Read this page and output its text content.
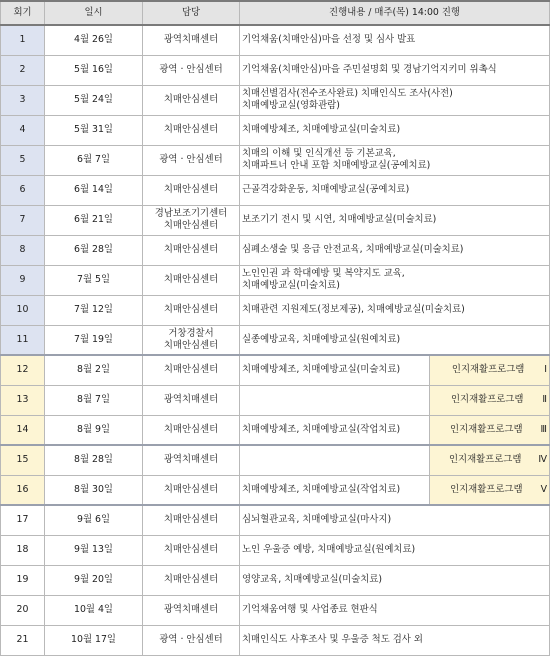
회기	일시	담당	진행내용 / 매주(목) 14:00 진행	
1	4월 26일	광역치매센터	기억채움(치매안심)마을 선정 및 심사 발표	

2	5월 16일	광역 · 안심센터	기억채움(치매안심)마을 주민설명회 및 경남기억지키미 위촉식	

3	5월 24일	치매안심센터	치매선별검사(전수조사완료) 치매인식도 조사(사전)
치매예방교실(영화관람)	

4	5월 31일	치매안심센터	치매예방체조, 치매예방교실(미술치료)	

5	6월 7일	광역 · 안심센터	치매의 이해 및 인식개선 등 기본교육,
치매파트너 안내 포함 치매예방교실(공예치료)	

6	6월 14일	치매안심센터	근골격강화운동, 치매예방교실(공예치료)	

7	6월 21일	경남보조기기센터
치매안심센터	보조기기 전시 및 시연, 치매예방교실(미술치료)	

8	6월 28일	치매안심센터	심폐소생술 및 응급 안전교육, 치매예방교실(미술치료)	

9	7월 5일	치매안심센터	노인인권 과 학대예방 및 복약지도 교육,
치매예방교실(미술치료)	

10	7월 12일	치매안심센터	치매관련 지원제도(정보제공), 치매예방교실(미술치료)	

11	7월 19일	거창경찰서
치매안심센터	실종예방교육, 치매예방교실(원예치료)	

12	8월 2일	치매안심센터	치매예방체조, 치매예방교실(미술치료)	인지재활프로그램 Ⅰ

13	8월 7일	광역치매센터		인지재활프로그램 Ⅱ

14	8월 9일	치매안심센터	치매예방체조, 치매예방교실(작업치료)	인지재활프로그램 Ⅲ

15	8월 28일	광역치매센터		인지재활프로그램 Ⅳ

16	8월 30일	치매안심센터	치매예방체조, 치매예방교실(작업치료)	인지재활프로그램 Ⅴ

17	9월 6일	치매안심센터	심뇌혈관교육, 치매예방교실(마사지)	

18	9월 13일	치매안심센터	노인 우울증 예방, 치매예방교실(원예치료)	

19	9월 20일	치매안심센터	영양교육, 치매예방교실(미술치료)	

20	10월 4일	광역치매센터	기억채움여행 및 사업종료 현판식	

21	10월 17일	광역 · 안심센터	치매인식도 사후조사 및 우울증 척도 검사 외	
